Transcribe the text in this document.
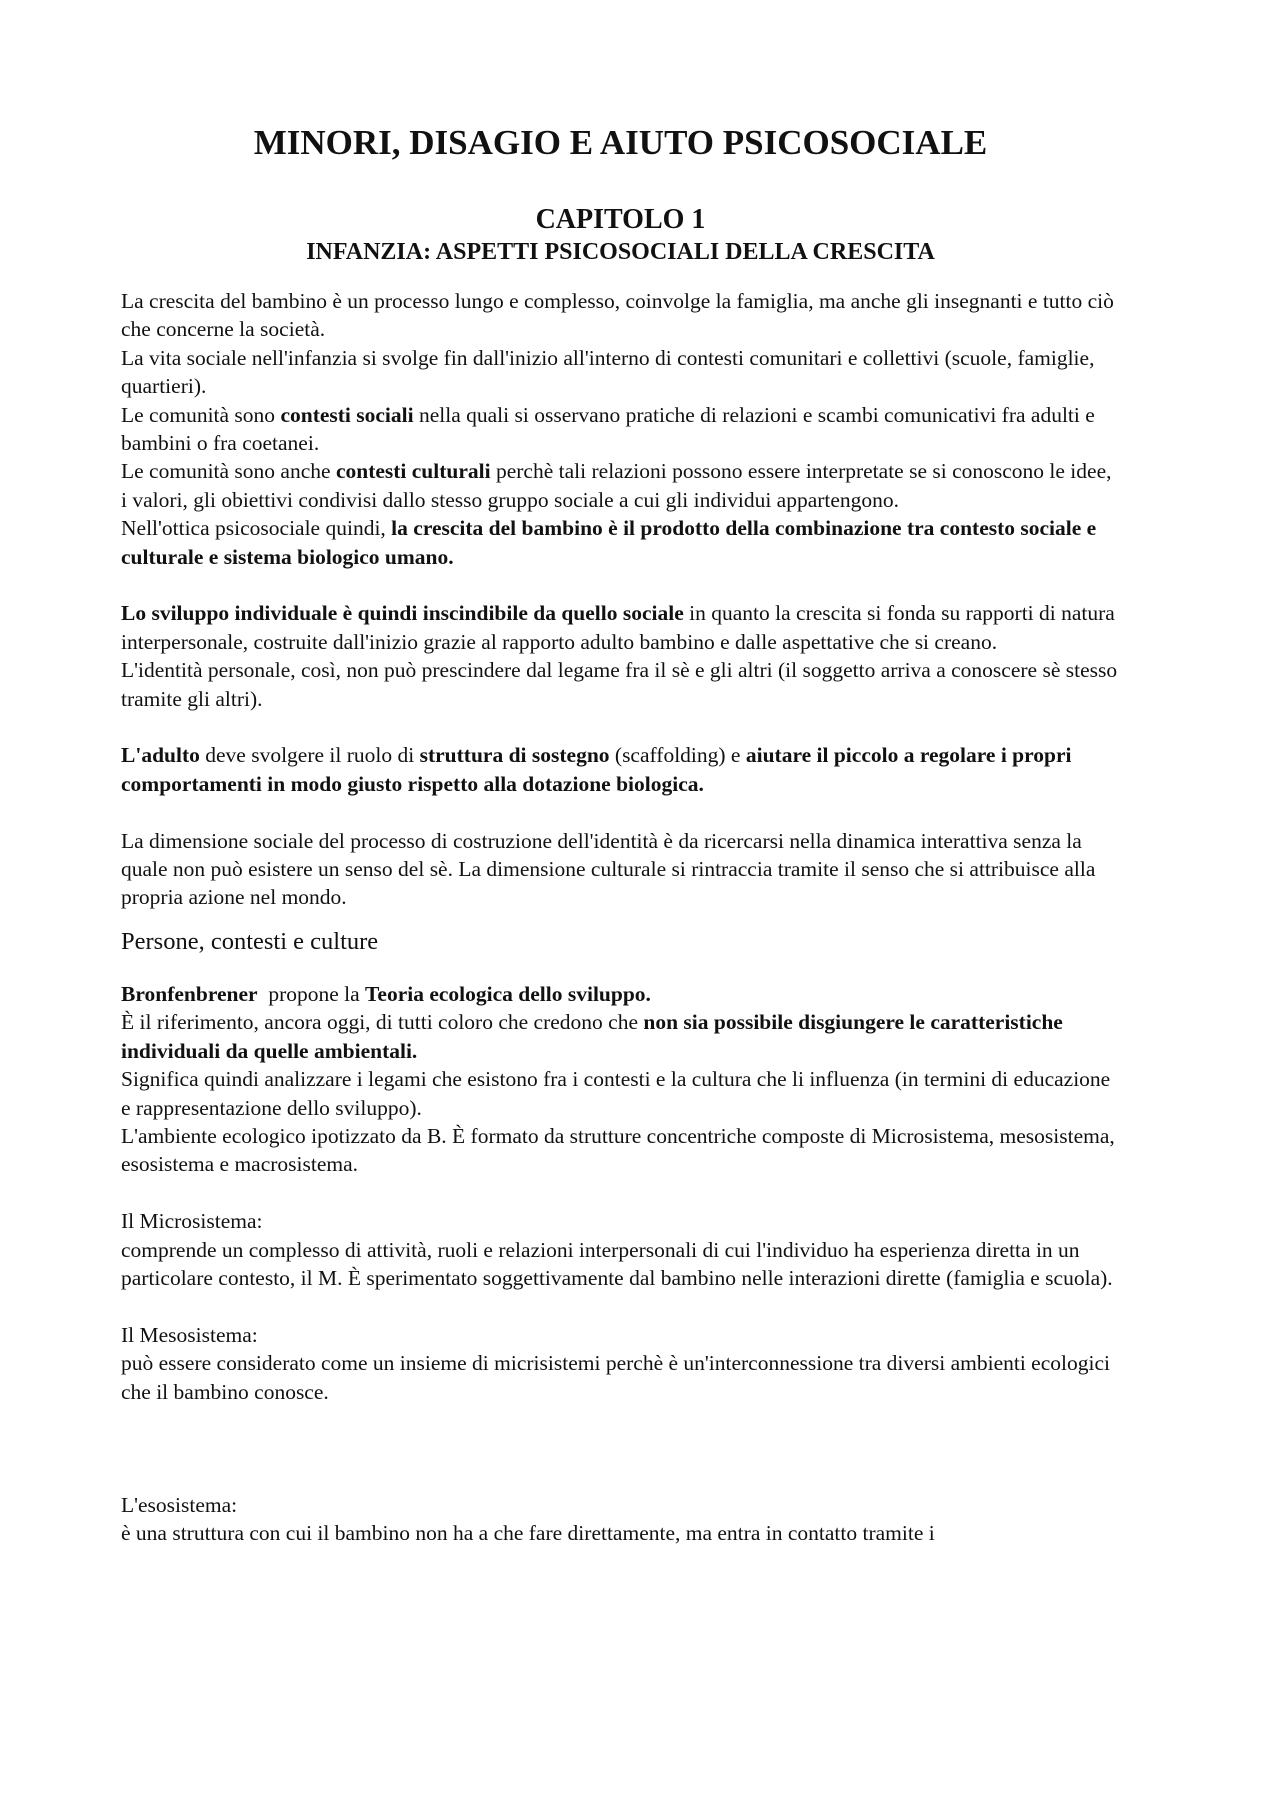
MINORI, DISAGIO E AIUTO PSICOSOCIALE
CAPITOLO 1
INFANZIA: ASPETTI PSICOSOCIALI DELLA CRESCITA

La crescita del bambino è un processo lungo e complesso, coinvolge la famiglia, ma anche gli insegnanti e tutto ciò che concerne la società.

La vita sociale nell'infanzia si svolge fin dall'inizio all'interno di contesti comunitari e collettivi (scuole, famiglie, quartieri).

Le comunità sono contesti sociali nella quali si osservano pratiche di relazioni e scambi comunicativi fra adulti e bambini o fra coetanei.

Le comunità sono anche contesti culturali perchè tali relazioni possono essere interpretate se si conoscono le idee, i valori, gli obiettivi condivisi dallo stesso gruppo sociale a cui gli individui appartengono.

Nell'ottica psicosociale quindi, la crescita del bambino è il prodotto della combinazione tra contesto sociale e culturale e sistema biologico umano.

Lo sviluppo individuale è quindi inscindibile da quello sociale in quanto la crescita si fonda su rapporti di natura interpersonale, costruite dall'inizio grazie al rapporto adulto bambino e dalle aspettative che si creano.

L'identità personale, così, non può prescindere dal legame fra il sè e gli altri (il soggetto arriva a conoscere sè stesso tramite gli altri).

L'adulto deve svolgere il ruolo di struttura di sostegno (scaffolding) e aiutare il piccolo a regolare i propri comportamenti in modo giusto rispetto alla dotazione biologica.

La dimensione sociale del processo di costruzione dell'identità è da ricercarsi nella dinamica interattiva senza la quale non può esistere un senso del sè. La dimensione culturale si rintraccia tramite il senso che si attribuisce alla propria azione nel mondo.

Persone, contesti e culture

Bronfenbrener  propone la Teoria ecologica dello sviluppo.

È il riferimento, ancora oggi, di tutti coloro che credono che non sia possibile disgiungere le caratteristiche individuali da quelle ambientali.

Significa quindi analizzare i legami che esistono fra i contesti e la cultura che li influenza (in termini di educazione e rappresentazione dello sviluppo).

L'ambiente ecologico ipotizzato da B. È formato da strutture concentriche composte di Microsistema, mesosistema, esosistema e macrosistema.

Il Microsistema:

comprende un complesso di attività, ruoli e relazioni interpersonali di cui l'individuo ha esperienza diretta in un particolare contesto, il M. È sperimentato soggettivamente dal bambino nelle interazioni dirette (famiglia e scuola).

Il Mesosistema:

può essere considerato come un insieme di micrisistemi perchè è un'interconnessione tra diversi ambienti ecologici che il bambino conosce.

L'esosistema:

è una struttura con cui il bambino non ha a che fare direttamente, ma entra in contatto tramite i
